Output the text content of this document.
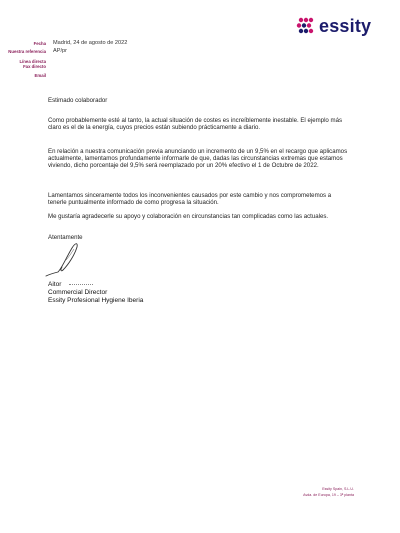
essity
Fecha Madrid, 24 de agosto de 2022
Nuestra referencia AP/pr
Línea directa
Fax directo
Email
Estimado colaborador

Como probablemente esté al tanto, la actual situación de costes es increíblemente inestable. El ejemplo más claro es el de la energía, cuyos precios están subiendo prácticamente a diario.

En relación a nuestra comunicación previa anunciando un incremento de un 9,5% en el recargo que aplicamos actualmente, lamentamos profundamente informarle de que, dadas las circunstancias extremas que estamos viviendo, dicho porcentaje del 9,5% será reemplazado por un 20% efectivo el 1 de Octubre de 2022.

Lamentamos sinceramente todos los inconvenientes causados por este cambio y nos comprometemos a tenerle puntualmente informado de como progresa la situación.

Me gustaría agradecerle su apoyo y colaboración en circunstancias tan complicadas como las actuales.

Atentamente

Aitor
Commercial Director
Essity Profesional Hygiene Iberia
Essity Spain, S.L.U.
Avda. de Europa, 19 – 3ª planta
